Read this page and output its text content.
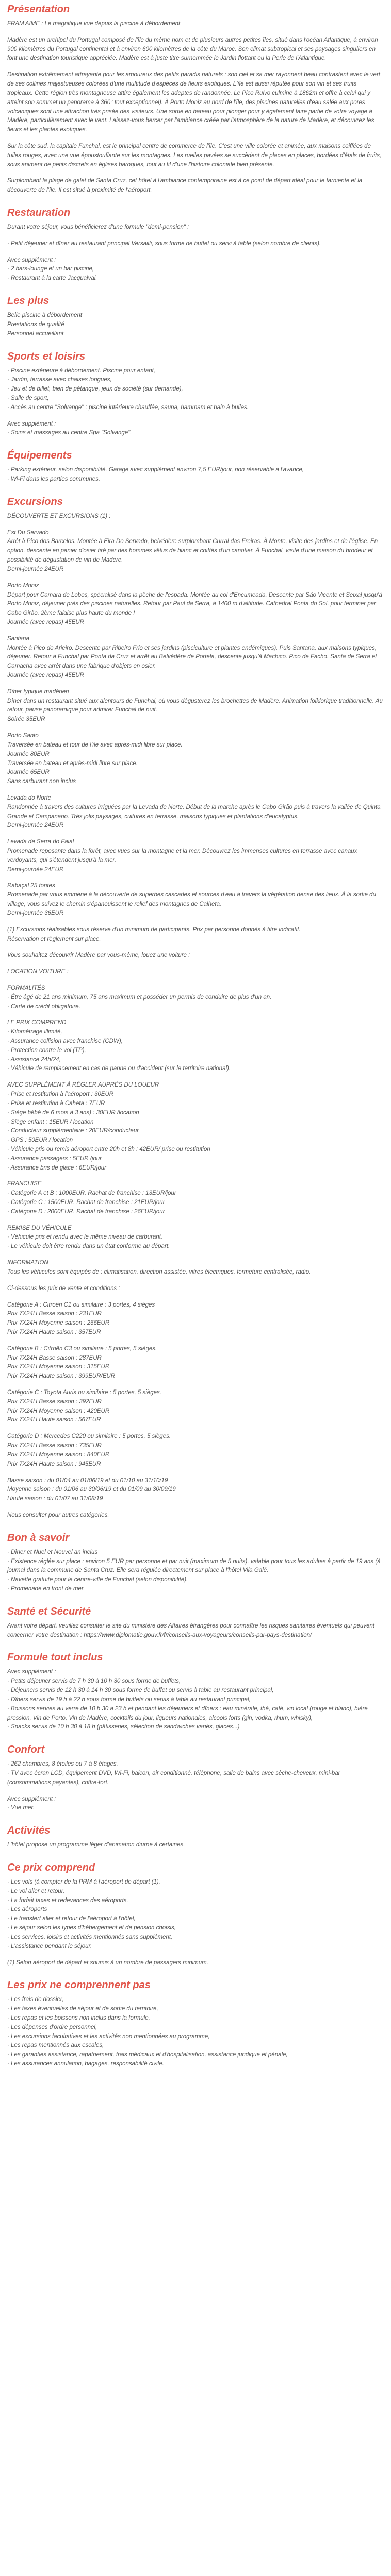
Présentation
FRAM'AIME : Le magnifique vue depuis la piscine à débordement
Madère est un archipel du Portugal composé de l'île du même nom et de plusieurs autres petites îles, situé dans l'océan Atlantique, à environ 900 kilomètres du Portugal continental et à environ 600 kilomètres de la côte du Maroc. Son climat subtropical et ses paysages singuliers en font une destination touristique appréciée. Madère est à juste titre surnommée le Jardin flottant ou la Perle de l'Atlantique.
Destination extrêmement attrayante pour les amoureux des petits paradis naturels : son ciel et sa mer rayonnent beau contrastent avec le vert de ses collines majestueuses colorées d'une multitude d'espèces de fleurs exotiques. L'île est aussi réputée pour son vin et ses fruits tropicaux. Cette région très montagneuse attire également les adeptes de randonnée. Le Pico Ruivo culmine à 1862m et offre à celui qui y atteint son sommet un panorama à 360° tout exceptionnel). À Porto Moniz au nord de l'île, des piscines naturelles d'eau salée aux pores volcaniques sont une attraction très prisée des visiteurs. Une sortie en bateau pour plonger pour y également faire partie de votre voyage à Madère, particulièrement avec le vent. Laissez-vous bercer par l'ambiance créée par l'atmosphère de la nature de Madère, et découvrez les fleurs et les plantes exotiques.
Sur la côte sud, la capitale Funchal, est le principal centre de commerce de l'île. C'est une ville colorée et animée, aux maisons coiffées de tuiles rouges, avec une vue époustouflante sur les montagnes. Les ruelles pavées se succèdent de places en places, bordées d'étals de fruits, sous animent de petits discrets en églises baroques, tout au fil d'une l'histoire coloniale bien présente.
Surplombant la plage de galet de Santa Cruz, cet hôtel à l'ambiance contemporaine est à ce point de départ idéal pour le farniente et la découverte de l'île. Il est situé à proximité de l'aéroport.
Restauration
Durant votre séjour, vous bénéficierez d'une formule "demi-pension" :
· Petit déjeuner et dîner au restaurant principal Versailli, sous forme de buffet ou servi à table (selon nombre de clients).
Avec supplément :
· 2 bars-lounge et un bar piscine,
· Restaurant à la carte Jacqualvai.
Les plus
Belle piscine à débordement
Prestations de qualité
Personnel accueillant
Sports et loisirs
· Piscine extérieure à débordement. Piscine pour enfant,
· Jardin, terrasse avec chaises longues,
· Jeu et de billet, bien de pétanque, jeux de société (sur demande),
· Salle de sport,
· Accès au centre "Solvange" : piscine intérieure chauffée, sauna, hammam et bain à bulles.
Avec supplément :
· Soins et massages au centre Spa "Solvange".
Équipements
· Parking extérieur, selon disponibilité. Garage avec supplément environ 7,5 EUR/jour, non réservable à l'avance,
· Wi-Fi dans les parties communes.
Excursions
DÉCOUVERTE ET EXCURSIONS (1) :
Est Du Servado
Arrêt à Pico dos Barcelos. Montée à Eira Do Servado, belvédère surplombant Curral das Freiras. À Monte, visite des jardins et de l'église. En option, descente en panier d'osier tiré par des hommes vêtus de blanc et coiffés d'un canotier. À Funchal, visite d'une maison du brodeur et possibilité de dégustation de vin de Madère.
Demi-journée 24EUR
Porto Moniz
Départ pour Camara de Lobos, spécialisé dans la pêche de l'espada. Montée au col d'Encumeada. Descente par São Vicente et Seixal jusqu'à Porto Moniz, déjeuner près des piscines naturelles. Retour par Paul da Serra, à 1400 m d'altitude. Cathedral Ponta do Sol, pour terminer par Cabo Girão, 2ème falaise plus haute du monde !
Journée (avec repas) 45EUR
Santana
Montée à Pico do Arieiro. Descente par Ribeiro Frio et ses jardins (pisciculture et plantes endémiques). Puis Santana, aux maisons typiques, déjeuner. Retour à Funchal par Ponta da Cruz et arrêt au Belvédère de Portela, descente jusqu'à Machico. Pico de Facho. Santa de Serra et Camacha avec arrêt dans une fabrique d'objets en osier.
Journée (avec repas) 45EUR
Dîner typique madérien
Dîner dans un restaurant situé aux alentours de Funchal, où vous dégusterez les brochettes de Madère. Animation folklorique traditionnelle. Au retour, pause panoramique pour admirer Funchal de nuit.
Soirée 35EUR
Porto Santo
Traversée en bateau et tour de l'île avec après-midi libre sur place.
Journée 80EUR
Traversée en bateau et après-midi libre sur place.
Journée 65EUR
Sans carburant non inclus
Levada do Norte
Randonnée à travers des cultures irriguées par la Levada de Norte. Début de la marche après le Cabo Girão puis à travers la vallée de Quinta Grande et Campanario. Très jolis paysages, cultures en terrasse, maisons typiques et plantations d'eucalyptus.
Demi-journée 24EUR
Levada de Serra do Faial
Promenade reposante dans la forêt, avec vues sur la montagne et la mer. Découvrez les immenses cultures en terrasse avec canaux verdoyants, qui s'étendent jusqu'à la mer.
Demi-journée 24EUR
Rabaçal 25 fontes
Promenade par vous emmène à la découverte de superbes cascades et sources d'eau à travers la végétation dense des lieux. À la sortie du village, vous suivez le chemin s'épanouissent le relief des montagnes de Calheta.
Demi-journée 36EUR
(1) Excursions réalisables sous réserve d'un minimum de participants. Prix par personne donnés à titre indicatif.
Réservation et règlement sur place.
Vous souhaitez découvrir Madère par vous-même, louez une voiture :
LOCATION VOITURE :
FORMALITÉS
· Être âgé de 21 ans minimum, 75 ans maximum et posséder un permis de conduire de plus d'un an.
· Carte de crédit obligatoire.
LE PRIX COMPREND
· Kilométrage illimité,
· Assurance collision avec franchise (CDW),
· Protection contre le vol (TP),
· Assistance 24h/24,
· Véhicule de remplacement en cas de panne ou d'accident (sur le territoire national).
AVEC SUPPLÉMENT À RÉGLER AUPRÈS DU LOUEUR
· Prise et restitution à l'aéroport : 30EUR
· Prise et restitution à Caheta : 7EUR
· Siège bébé de 6 mois à 3 ans) : 30EUR /location
· Siège enfant : 15EUR / location
· Conducteur supplémentaire : 20EUR/conducteur
· GPS : 50EUR / location
· Véhicule pris ou remis aéroport entre 20h et 8h : 42EUR/ prise ou restitution
· Assurance passagers : 5EUR /jour
· Assurance bris de glace : 6EUR/jour
FRANCHISE
· Catégorie A et B : 1000EUR. Rachat de franchise : 13EUR/jour
· Catégorie C : 1500EUR. Rachat de franchise : 21EUR/jour
· Catégorie D : 2000EUR. Rachat de franchise : 26EUR/jour
REMISE DU VÉHICULE
· Véhicule pris et rendu avec le même niveau de carburant,
· Le véhicule doit être rendu dans un état conforme au départ.
INFORMATION
Tous les véhicules sont équipés de : climatisation, direction assistée, vitres électriques, fermeture centralisée, radio.
Ci-dessous les prix de vente et conditions :
Catégorie A : Citroën C1 ou similaire : 3 portes, 4 sièges
Prix 7X24H Basse saison : 231EUR
Prix 7X24H Moyenne saison : 266EUR
Prix 7X24H Haute saison : 357EUR
Catégorie B : Citroën C3 ou similaire : 5 portes, 5 sièges.
Prix 7X24H Basse saison : 287EUR
Prix 7X24H Moyenne saison : 315EUR
Prix 7X24H Haute saison : 399EUR/EUR
Catégorie C : Toyota Auris ou similaire : 5 portes, 5 sièges.
Prix 7X24H Basse saison : 392EUR
Prix 7X24H Moyenne saison : 420EUR
Prix 7X24H Haute saison : 567EUR
Catégorie D : Mercedes C220 ou similaire : 5 portes, 5 sièges.
Prix 7X24H Basse saison : 735EUR
Prix 7X24H Moyenne saison : 840EUR
Prix 7X24H Haute saison : 945EUR
Basse saison : du 01/04 au 01/06/19 et du 01/10 au 31/10/19
Moyenne saison : du 01/06 au 30/06/19 et du 01/09 au 30/09/19
Haute saison : du 01/07 au 31/08/19
Nous consulter pour autres catégories.
Bon à savoir
· Dîner et Nuel et Nouvel an inclus
· Existence réglée sur place : environ 5 EUR par personne et par nuit (maximum de 5 nuits), valable pour tous les adultes à partir de 19 ans (à journal dans la commune de Santa Cruz. Elle sera régulée directement sur place à l'hôtel Vila Galé.
· Navette gratuite pour le centre-ville de Funchal (selon disponibilité).
· Promenade en front de mer.
Santé et Sécurité
Avant votre départ, veuillez consulter le site du ministère des Affaires étrangères pour connaître les risques sanitaires éventuels qui peuvent concerner votre destination : https://www.diplomatie.gouv.fr/fr/conseils-aux-voyageurs/conseils-par-pays-destination/
Formule tout inclus
Avec supplément :
· Petits déjeuner servis de 7 h 30 à 10 h 30 sous forme de buffets,
· Déjeuners servis de 12 h 30 à 14 h 30 sous forme de buffet ou servis à table au restaurant principal,
· Dîners servis de 19 h à 22 h sous forme de buffets ou servis à table au restaurant principal,
· Boissons servies au verre de 10 h 30 à 23 h et pendant les déjeuners et dîners : eau minérale, thé, café, vin local (rouge et blanc), bière pression, Vin de Porto, Vin de Madère, cocktails du jour, liqueurs nationales, alcools forts (gin, vodka, rhum, whisky),
· Snacks servis de 10 h 30 à 18 h (pâtisseries, sélection de sandwiches variés, glaces...)
Confort
· 262 chambres, 8 étoiles ou 7 à 8 étages.
· TV avec écran LCD, équipement DVD, Wi-Fi, balcon, air conditionné, téléphone, salle de bains avec sèche-cheveux, mini-bar (consommations payantes), coffre-fort.
Avec supplément :
· Vue mer.
Activités
L'hôtel propose un programme léger d'animation diurne à certaines.
Ce prix comprend
· Les vols (à compter de la PRM à l'aéroport de départ (1),
· Le vol aller et retour,
· La forfait taxes et redevances des aéroports,
· Les aéroports
· Le transfert aller et retour de l'aéroport à l'hôtel,
· Le séjour selon les types d'hébergement et de pension choisis,
· Les services, loisirs et activités mentionnés sans supplément,
· L'assistance pendant le séjour.
(1) Selon aéroport de départ et soumis à un nombre de passagers minimum.
Les prix ne comprennent pas
· Les frais de dossier,
· Les taxes éventuelles de séjour et de sortie du territoire,
· Les repas et les boissons non inclus dans la formule,
· Les dépenses d'ordre personnel,
· Les excursions facultatives et les activités non mentionnées au programme,
· Les repas mentionnés aux escales,
· Les garanties assistance, rapatriement, frais médicaux et d'hospitalisation, assistance juridique et pénale,
· Les assurances annulation, bagages, responsabilité civile.
